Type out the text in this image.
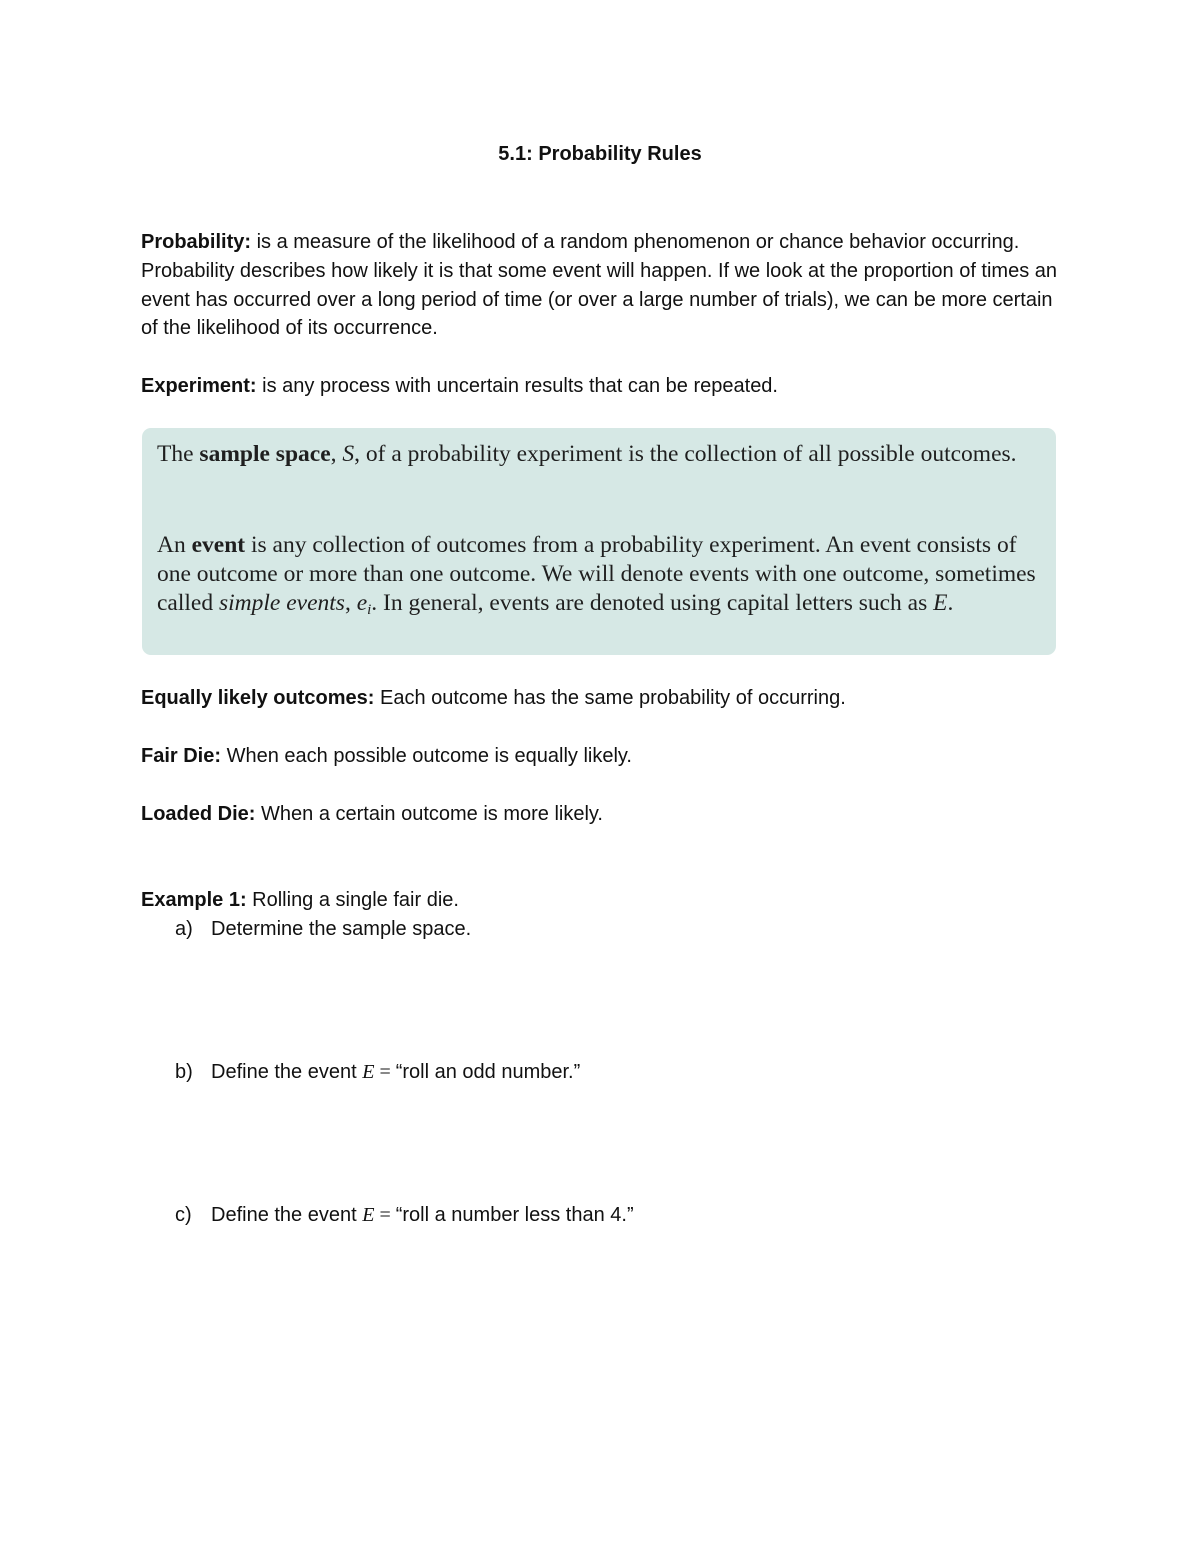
5.1: Probability Rules

Probability: is a measure of the likelihood of a random phenomenon or chance behavior occurring. Probability describes how likely it is that some event will happen. If we look at the proportion of times an event has occurred over a long period of time (or over a large number of trials), we can be more certain of the likelihood of its occurrence.

Experiment: is any process with uncertain results that can be repeated.

The sample space, S, of a probability experiment is the collection of all possible outcomes.

An event is any collection of outcomes from a probability experiment. An event consists of one outcome or more than one outcome. We will denote events with one outcome, sometimes called simple events, $e_i$. In general, events are denoted using capital letters such as E.

Equally likely outcomes: Each outcome has the same probability of occurring.

Fair Die: When each possible outcome is equally likely.

Loaded Die: When a certain outcome is more likely.

Example 1: Rolling a single fair die.

a) Determine the sample space.
b) Define the event E = “roll an odd number.”
c) Define the event E = “roll a number less than 4.”
